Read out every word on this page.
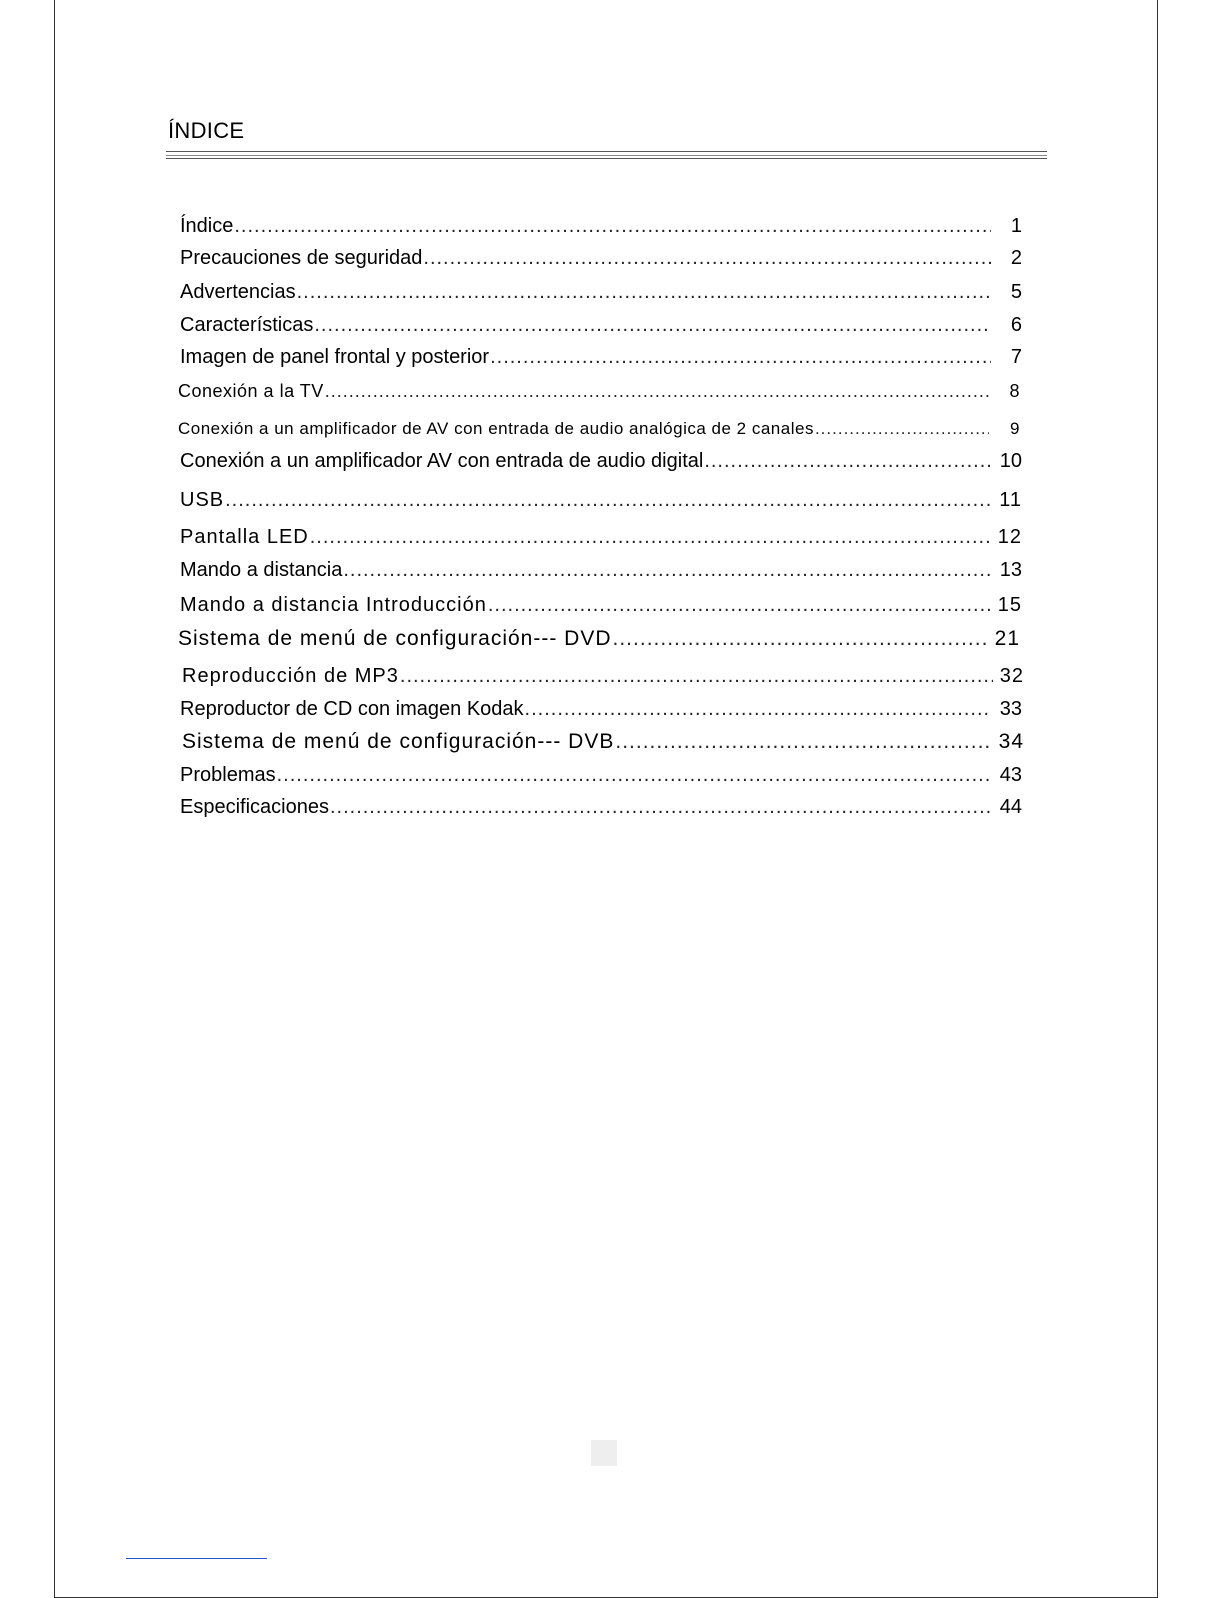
ÍNDICE
Índice .....	1
Precauciones de seguridad .....	2
Advertencias .....	5
Características .....	6
Imagen de panel frontal y posterior .....	7
Conexión a la TV .....	8
Conexión a un amplificador de AV con entrada de audio analógica de 2 canales .....	9
Conexión a un amplificador AV con entrada de audio digital .....	10
USB .....	11
Pantalla LED .....	12
Mando a distancia .....	13
Mando a distancia Introducción .....	15
Sistema de menú de configuración--- DVD .....	21
Reproducción de MP3 .....	32
Reproductor de CD con imagen Kodak .....	33
Sistema de menú de configuración--- DVB .....	34
Problemas .....	43
Especificaciones .....	44
